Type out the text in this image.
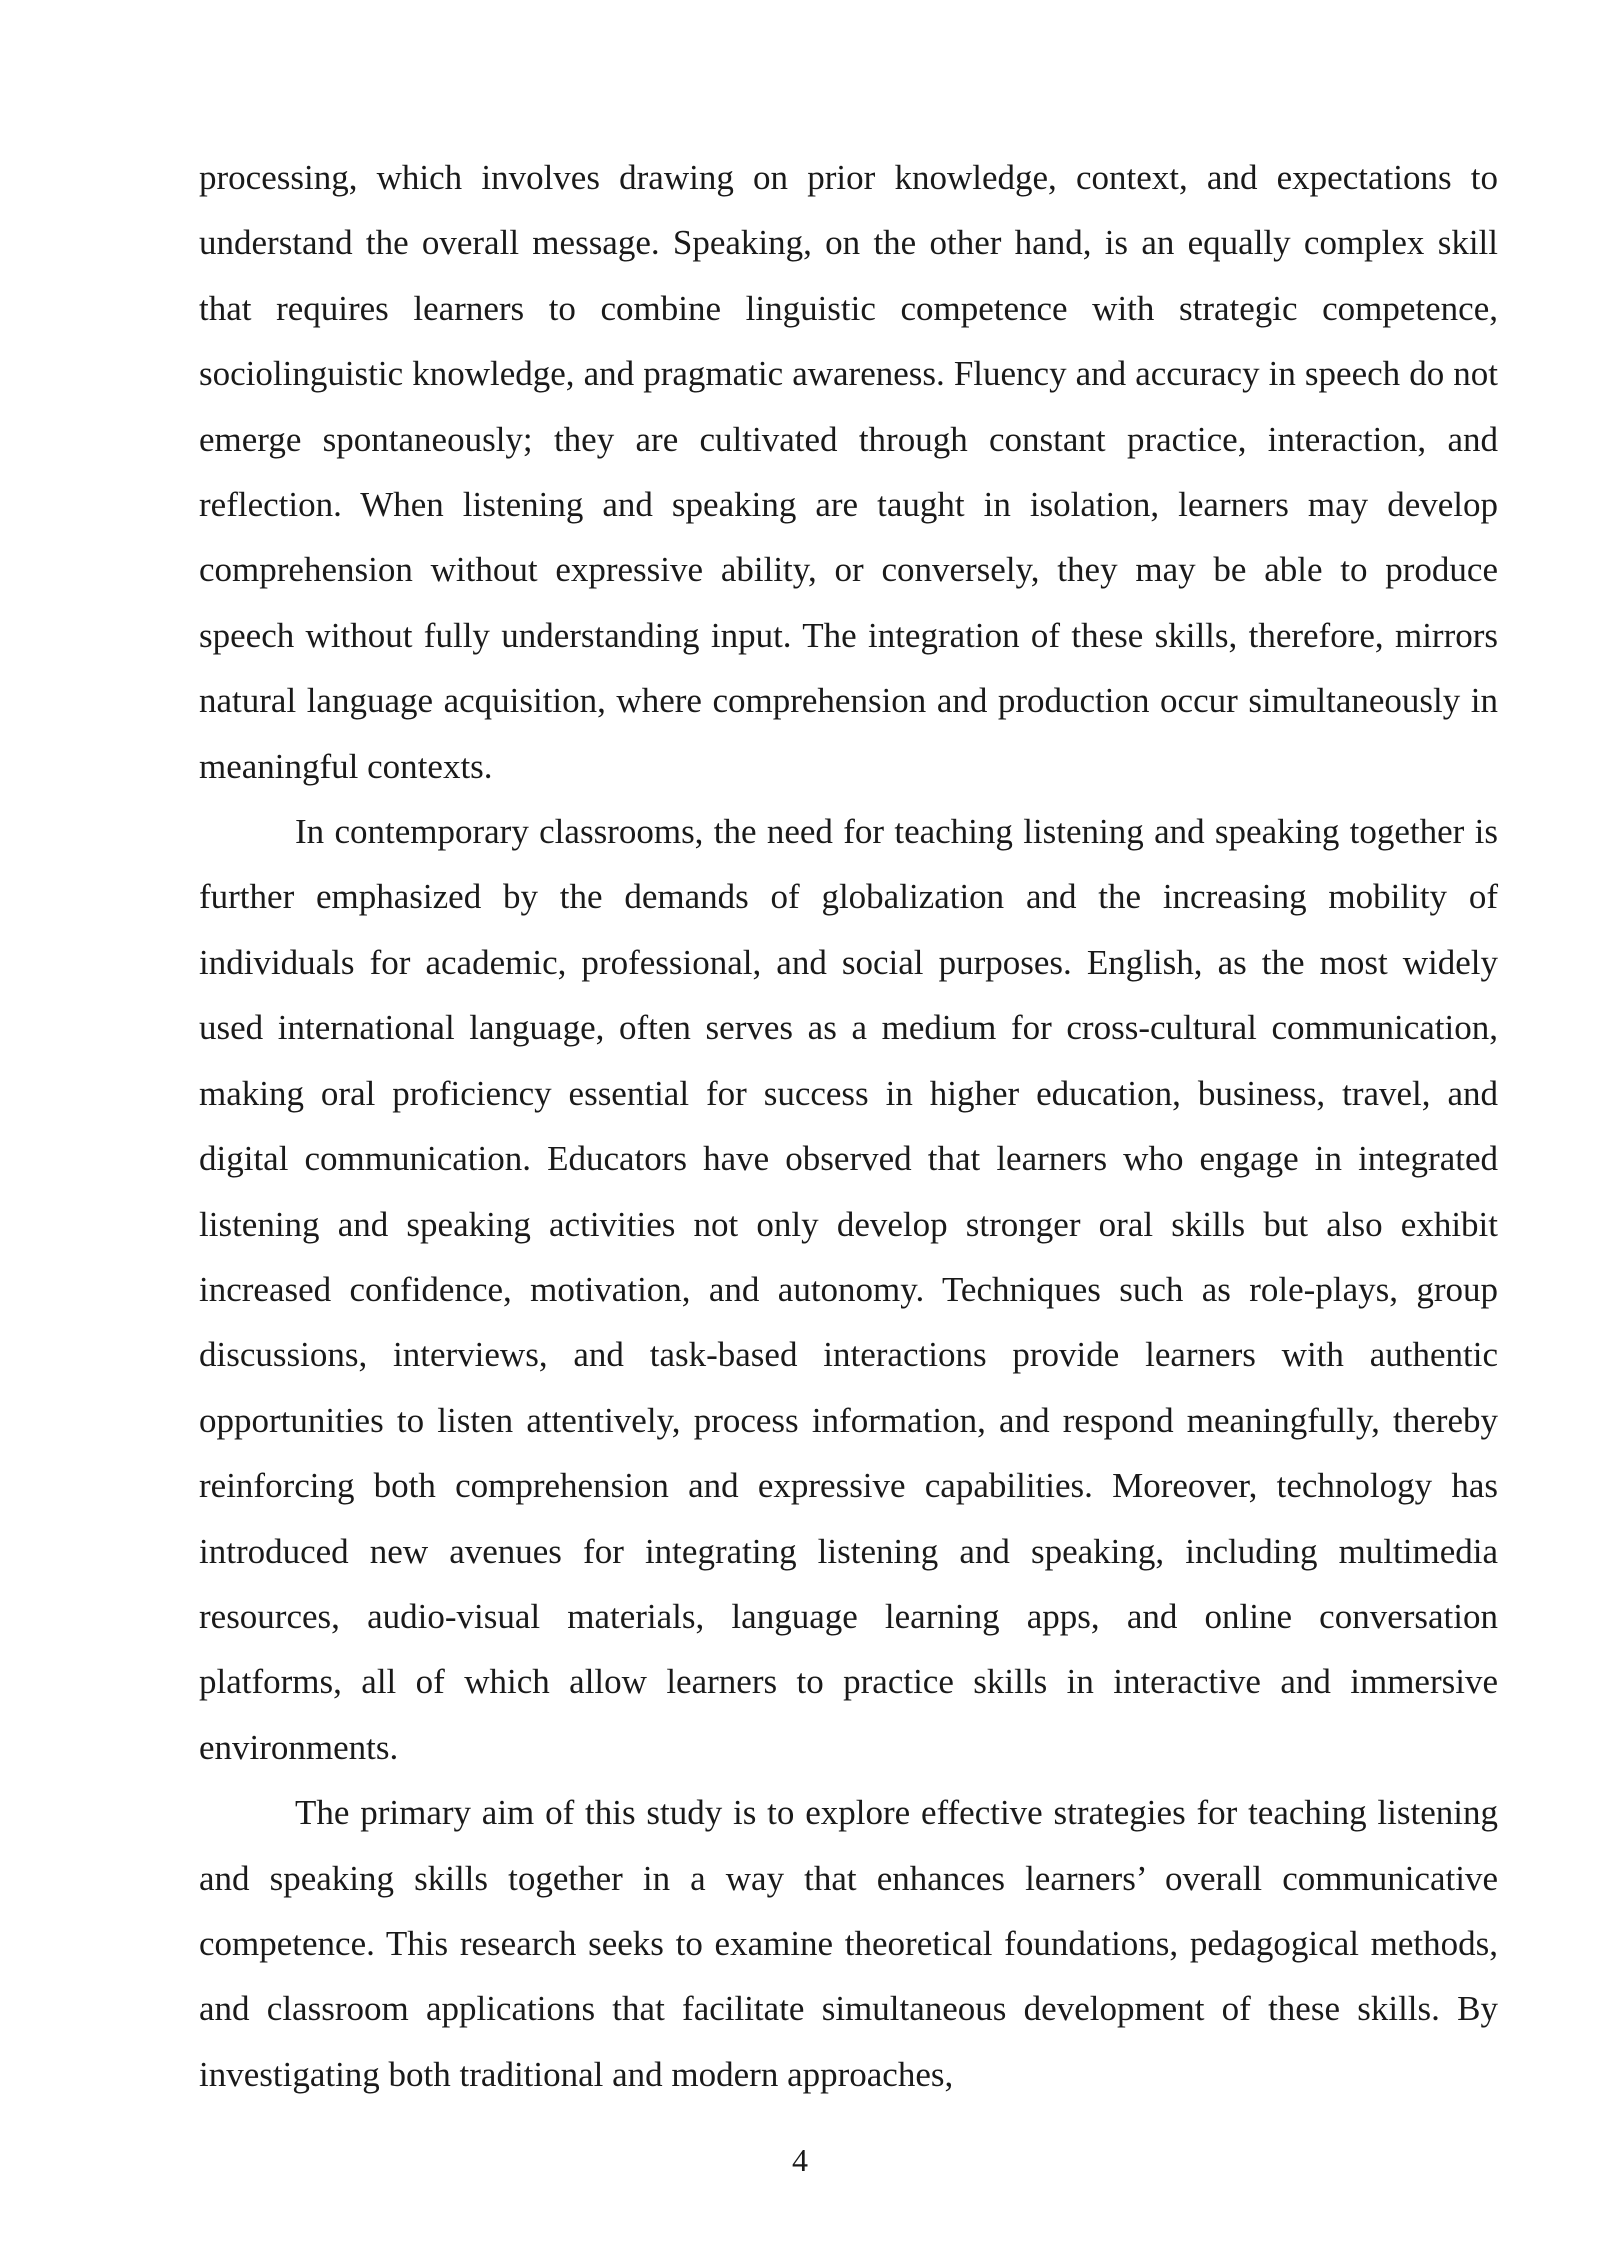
processing, which involves drawing on prior knowledge, context, and expectations to understand the overall message. Speaking, on the other hand, is an equally complex skill that requires learners to combine linguistic competence with strategic competence, sociolinguistic knowledge, and pragmatic awareness. Fluency and accuracy in speech do not emerge spontaneously; they are cultivated through constant practice, interaction, and reflection. When listening and speaking are taught in isolation, learners may develop comprehension without expressive ability, or conversely, they may be able to produce speech without fully understanding input. The integration of these skills, therefore, mirrors natural language acquisition, where comprehension and production occur simultaneously in meaningful contexts.

In contemporary classrooms, the need for teaching listening and speaking together is further emphasized by the demands of globalization and the increasing mobility of individuals for academic, professional, and social purposes. English, as the most widely used international language, often serves as a medium for cross-cultural communication, making oral proficiency essential for success in higher education, business, travel, and digital communication. Educators have observed that learners who engage in integrated listening and speaking activities not only develop stronger oral skills but also exhibit increased confidence, motivation, and autonomy. Techniques such as role-plays, group discussions, interviews, and task-based interactions provide learners with authentic opportunities to listen attentively, process information, and respond meaningfully, thereby reinforcing both comprehension and expressive capabilities. Moreover, technology has introduced new avenues for integrating listening and speaking, including multimedia resources, audio-visual materials, language learning apps, and online conversation platforms, all of which allow learners to practice skills in interactive and immersive environments.

The primary aim of this study is to explore effective strategies for teaching listening and speaking skills together in a way that enhances learners’ overall communicative competence. This research seeks to examine theoretical foundations, pedagogical methods, and classroom applications that facilitate simultaneous development of these skills. By investigating both traditional and modern approaches,

4
